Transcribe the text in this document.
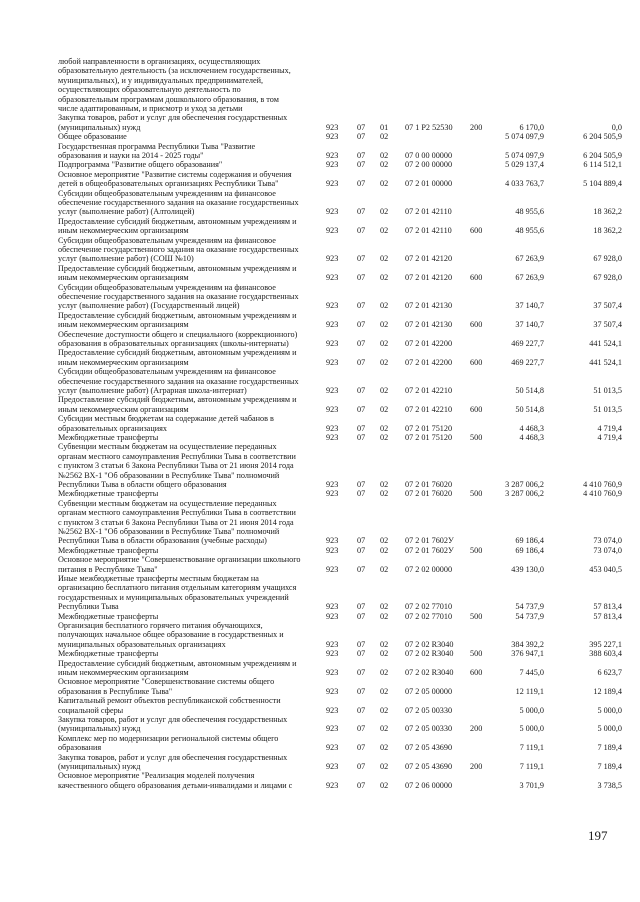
любой направленности в организациях, осуществляющих
образовательную деятельность (за исключением государственных,
муниципальных), и у индивидуальных предпринимателей,
осуществляющих образовательную деятельность по
образовательным программам дошкольного образования, в том
числе адаптированным, и присмотр и уход за детьми
Закупка товаров, работ и услуг для обеспечения государственных
(муниципальных) нужд	923 07 01 07 1 P2 52530 200	6 170,0	0,0
Общее образование	923 07 02	5 074 097,9	6 204 505,9
Государственная программа Республики Тыва "Развитие
образования и науки на 2014 - 2025 годы"	923 07 02 07 0 00 00000	5 074 097,9	6 204 505,9
Подпрограмма "Развитие общего образования"	923 07 02 07 2 00 00000	5 029 137,4	6 114 512,1
Основное мероприятие "Развитие системы содержания и обучения
детей в общеобразовательных организациях Республики Тыва"	923 07 02 07 2 01 00000	4 033 763,7	5 104 889,4
Субсидии общеобразовательным учреждениям на финансовое
обеспечение государственного задания на оказание государственных
услуг (выполнение работ) (Алтолицей)	923 07 02 07 2 01 42110	48 955,6	18 362,2
Предоставление субсидий бюджетным, автономным учреждениям и
иным некоммерческим организациям	923 07 02 07 2 01 42110 600	48 955,6	18 362,2
Субсидии общеобразовательным учреждениям на финансовое
обеспечение государственного задания на оказание государственных
услуг (выполнение работ) (СОШ №10)	923 07 02 07 2 01 42120	67 263,9	67 928,0
Предоставление субсидий бюджетным, автономным учреждениям и
иным некоммерческим организациям	923 07 02 07 2 01 42120 600	67 263,9	67 928,0
Субсидии общеобразовательным учреждениям на финансовое
обеспечение государственного задания на оказание государственных
услуг (выполнение работ) (Государственный лицей)	923 07 02 07 2 01 42130	37 140,7	37 507,4
Предоставление субсидий бюджетным, автономным учреждениям и
иным некоммерческим организациям	923 07 02 07 2 01 42130 600	37 140,7	37 507,4
Обеспечение доступности общего и специального (коррекционного)
образования в образовательных организациях (школы-интернаты)	923 07 02 07 2 01 42200	469 227,7	441 524,1
Предоставление субсидий бюджетным, автономным учреждениям и
иным некоммерческим организациям	923 07 02 07 2 01 42200 600	469 227,7	441 524,1
Субсидии общеобразовательным учреждениям на финансовое
обеспечение государственного задания на оказание государственных
услуг (выполнение работ) (Аграрная школа-интернат)	923 07 02 07 2 01 42210	50 514,8	51 013,5
Предоставление субсидий бюджетным, автономным учреждениям и
иным некоммерческим организациям	923 07 02 07 2 01 42210 600	50 514,8	51 013,5
Субсидии местным бюджетам на содержание детей чабанов в
образовательных организациях	923 07 02 07 2 01 75120	4 468,3	4 719,4
Межбюджетные трансферты	923 07 02 07 2 01 75120 500	4 468,3	4 719,4
Субвенции местным бюджетам на осуществление переданных
органам местного самоуправления Республики Тыва в соответствии
с пунктом 3 статьи 6 Закона Республики Тыва от 21 июня 2014 года
№2562 ВХ-1 "Об образовании в Республике Тыва" полномочий
Республики Тыва в области общего образования	923 07 02 07 2 01 76020	3 287 006,2	4 410 760,9
Межбюджетные трансферты	923 07 02 07 2 01 76020 500	3 287 006,2	4 410 760,9
Субвенции местным бюджетам на осуществление переданных
органам местного самоуправления Республики Тыва в соответствии
с пунктом 3 статьи 6 Закона Республики Тыва от 21 июня 2014 года
№2562 ВХ-1 "Об образовании в Республике Тыва" полномочий
Республики Тыва в области образования (учебные расходы)	923 07 02 07 2 01 7602У	69 186,4	73 074,0
Межбюджетные трансферты	923 07 02 07 2 01 7602У 500	69 186,4	73 074,0
Основное мероприятие "Совершенствование организации школьного
питания в Республике Тыва"	923 07 02 07 2 02 00000	439 130,0	453 040,5
Иные межбюджетные трансферты местным бюджетам на
организацию бесплатного питания отдельным категориям учащихся
государственных и муниципальных образовательных учреждений
Республики Тыва	923 07 02 07 2 02 77010	54 737,9	57 813,4
Межбюджетные трансферты	923 07 02 07 2 02 77010 500	54 737,9	57 813,4
Организация бесплатного горячего питания обучающихся,
получающих начальное общее образование в государственных и
муниципальных образовательных организациях	923 07 02 07 2 02 R3040	384 392,2	395 227,1
Межбюджетные трансферты	923 07 02 07 2 02 R3040 500	376 947,1	388 603,4
Предоставление субсидий бюджетным, автономным учреждениям и
иным некоммерческим организациям	923 07 02 07 2 02 R3040 600	7 445,0	6 623,7
Основное мероприятие "Совершенствование системы общего
образования в Республике Тыва"	923 07 02 07 2 05 00000	12 119,1	12 189,4
Капитальный ремонт объектов республиканской собственности
социальной сферы	923 07 02 07 2 05 00330	5 000,0	5 000,0
Закупка товаров, работ и услуг для обеспечения государственных
(муниципальных) нужд	923 07 02 07 2 05 00330 200	5 000,0	5 000,0
Комплекс мер по модернизации региональной системы общего
образования	923 07 02 07 2 05 43690	7 119,1	7 189,4
Закупка товаров, работ и услуг для обеспечения государственных
(муниципальных) нужд	923 07 02 07 2 05 43690 200	7 119,1	7 189,4
Основное мероприятие "Реализация моделей получения
качественного общего образования детьми-инвалидами и лицами с	923 07 02 07 2 06 00000	3 701,9	3 738,5
197
